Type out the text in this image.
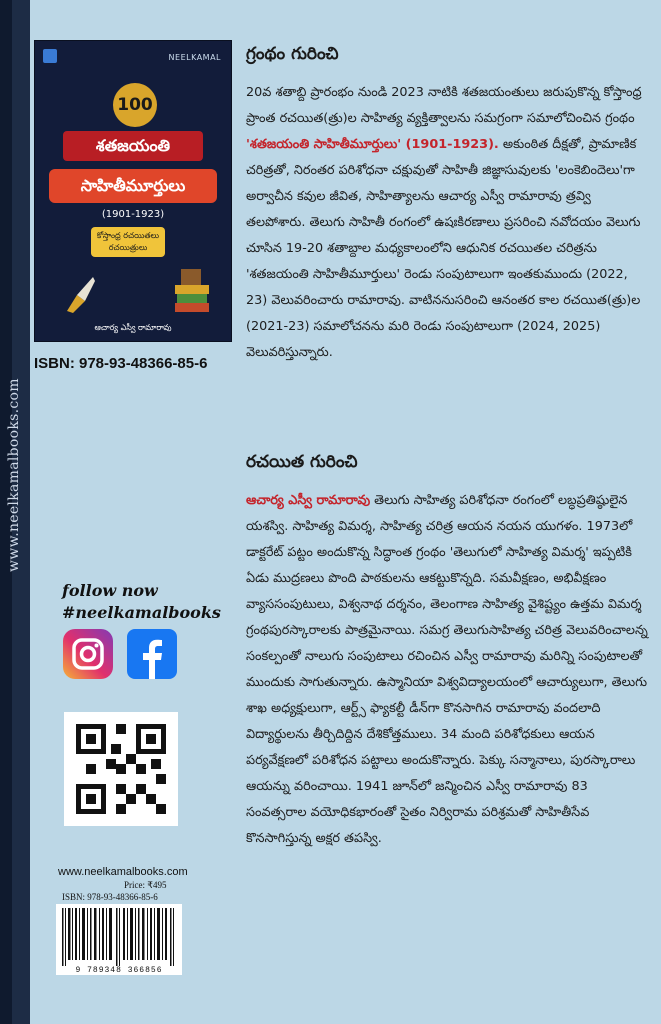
www.neelkamalbooks.com
NEELKAMAL
100
శతజయంతి
సాహితీమూర్తులు
(1901-1923)
కోస్తాంధ్ర రచయితలు రచయిత్రులు
ఆచార్య ఎస్వీ రామారావు
ISBN: 978-93-48366-85-6
follow now
#neelkamalbooks
www.neelkamalbooks.com
Price: ₹495
ISBN: 978-93-48366-85-6
9 789348 366856
గ్రంథం గురించి
20వ శతాబ్ది ప్రారంభం నుండి 2023 నాటికి శతజయంతులు జరుపుకొన్న కోస్తాంధ్ర ప్రాంత రచయిత(త్రు)ల సాహిత్య వ్యక్తిత్వాలను సమగ్రంగా సమాలోచించిన గ్రంథం 'శతజయంతి సాహితీమూర్తులు' (1901-1923). అకుంఠిత దీక్షతో, ప్రామాణిక చరిత్రతో, నిరంతర పరిశోధనా చక్షువుతో సాహితీ జిజ్ఞాసువులకు 'లంకెబిందెలు'గా అర్వాచీన కవుల జీవిత, సాహిత్యాలను ఆచార్య ఎస్వీ రామారావు త్రవ్వి తలపోశారు. తెలుగు సాహితీ రంగంలో ఉషఃకిరణాలు ప్రసరించి నవోదయం వెలుగు చూసిన 19-20 శతాబ్దాల మధ్యకాలంలోని ఆధునిక రచయితల చరిత్రను 'శతజయంతి సాహితీమూర్తులు' రెండు సంపుటాలుగా ఇంతకుముందు (2022, 23) వెలువరించారు రామారావు. వాటిననుసరించి ఆనంతర కాల రచయిత(త్రు)ల (2021-23) సమాలోచనను మరి రెండు సంపుటాలుగా (2024, 2025) వెలువరిస్తున్నారు.
రచయిత గురించి
ఆచార్య ఎస్వీ రామారావు తెలుగు సాహిత్య పరిశోధనా రంగంలో లబ్ధప్రతిష్ఠులైన యశస్వి. సాహిత్య విమర్శ, సాహిత్య చరిత్ర ఆయన నయన యుగళం. 1973లో డాక్టరేట్ పట్టం అందుకొన్న సిద్ధాంత గ్రంథం 'తెలుగులో సాహిత్య విమర్శ' ఇప్పటికి ఏడు ముద్రణలు పొంది పాఠకులను ఆకట్టుకొన్నది. సమవీక్షణం, అభివీక్షణం వ్యాససంపుటులు, విశ్వనాథ దర్శనం, తెలంగాణ సాహిత్య వైశిష్ట్యం ఉత్తమ విమర్శ గ్రంథపురస్కారాలకు పాత్రమైనాయి. సమగ్ర తెలుగుసాహిత్య చరిత్ర వెలువరించాలన్న సంకల్పంతో నాలుగు సంపుటాలు రచించిన ఎస్వీ రామారావు మరిన్ని సంపుటాలతో ముందుకు సాగుతున్నారు. ఉస్మానియా విశ్వవిద్యాలయంలో ఆచార్యులుగా, తెలుగు శాఖ అధ్యక్షులుగా, ఆర్ట్స్ ఫ్యాకల్టీ డీన్‌గా కొనసాగిన రామారావు వందలాది విద్యార్థులను తీర్చిదిద్దిన దేశికోత్తములు. 34 మంది పరిశోధకులు ఆయన పర్యవేక్షణలో పరిశోధన పట్టాలు అందుకొన్నారు. పెక్కు సన్మానాలు, పురస్కారాలు ఆయన్ను వరించాయి. 1941 జూన్‌లో జన్మించిన ఎస్వీ రామారావు 83 సంవత్సరాల వయోధికభారంతో సైతం నిర్విరామ పరిశ్రమతో సాహితీసేవ కొనసాగిస్తున్న అక్షర తపస్వి.
